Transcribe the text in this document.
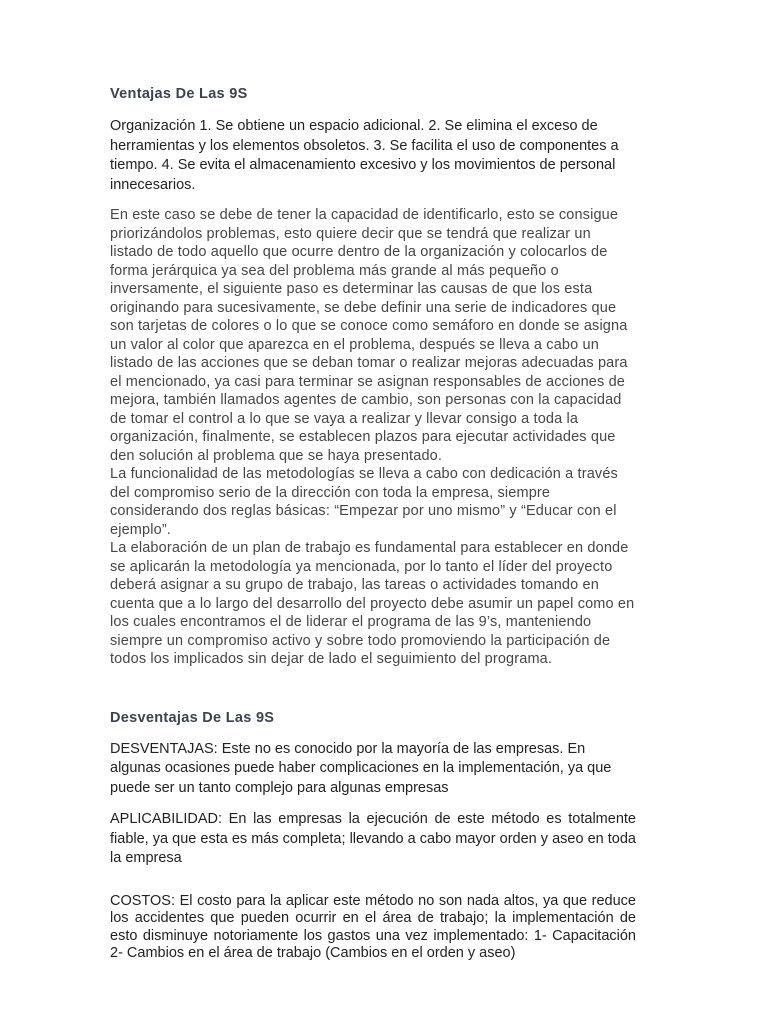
Ventajas De Las 9S

Organización 1. Se obtiene un espacio adicional. 2. Se elimina el exceso de herramientas y los elementos obsoletos. 3. Se facilita el uso de componentes a tiempo. 4. Se evita el almacenamiento excesivo y los movimientos de personal innecesarios.

En este caso se debe de tener la capacidad de identificarlo, esto se consigue priorizándolos problemas, esto quiere decir que se tendrá que realizar un listado de todo aquello que ocurre dentro de la organización y colocarlos de forma jerárquica ya sea del problema más grande al más pequeño o inversamente, el siguiente paso es determinar las causas de que los esta originando para sucesivamente, se debe definir una serie de indicadores que son tarjetas de colores o lo que se conoce como semáforo en donde se asigna un valor al color que aparezca en el problema, después se lleva a cabo un listado de las acciones que se deban tomar o realizar mejoras adecuadas para el mencionado, ya casi para terminar se asignan responsables de acciones de mejora, también llamados agentes de cambio, son personas con la capacidad de tomar el control a lo que se vaya a realizar y llevar consigo a toda la organización, finalmente, se establecen plazos para ejecutar actividades que den solución al problema que se haya presentado.

La funcionalidad de las metodologías se lleva a cabo con dedicación a través del compromiso serio de la dirección con toda la empresa, siempre considerando dos reglas básicas: “Empezar por uno mismo” y “Educar con el ejemplo”.

La elaboración de un plan de trabajo es fundamental para establecer en donde se aplicarán la metodología ya mencionada, por lo tanto el líder del proyecto deberá asignar a su grupo de trabajo, las tareas o actividades tomando en cuenta que a lo largo del desarrollo del proyecto debe asumir un papel como en los cuales encontramos el de liderar el programa de las 9’s, manteniendo siempre un compromiso activo y sobre todo promoviendo la participación de todos los implicados sin dejar de lado el seguimiento del programa.

Desventajas De Las 9S

DESVENTAJAS: Este no es conocido por la mayoría de las empresas. En algunas ocasiones puede haber complicaciones en la implementación, ya que puede ser un tanto complejo para algunas empresas

APLICABILIDAD: En las empresas la ejecución de este método es totalmente fiable, ya que esta es más completa; llevando a cabo mayor orden y aseo en toda la empresa

COSTOS: El costo para la aplicar este método no son nada altos, ya que reduce los accidentes que pueden ocurrir en el área de trabajo; la implementación de esto disminuye notoriamente los gastos una vez implementado: 1- Capacitación 2- Cambios en el área de trabajo (Cambios en el orden y aseo)
